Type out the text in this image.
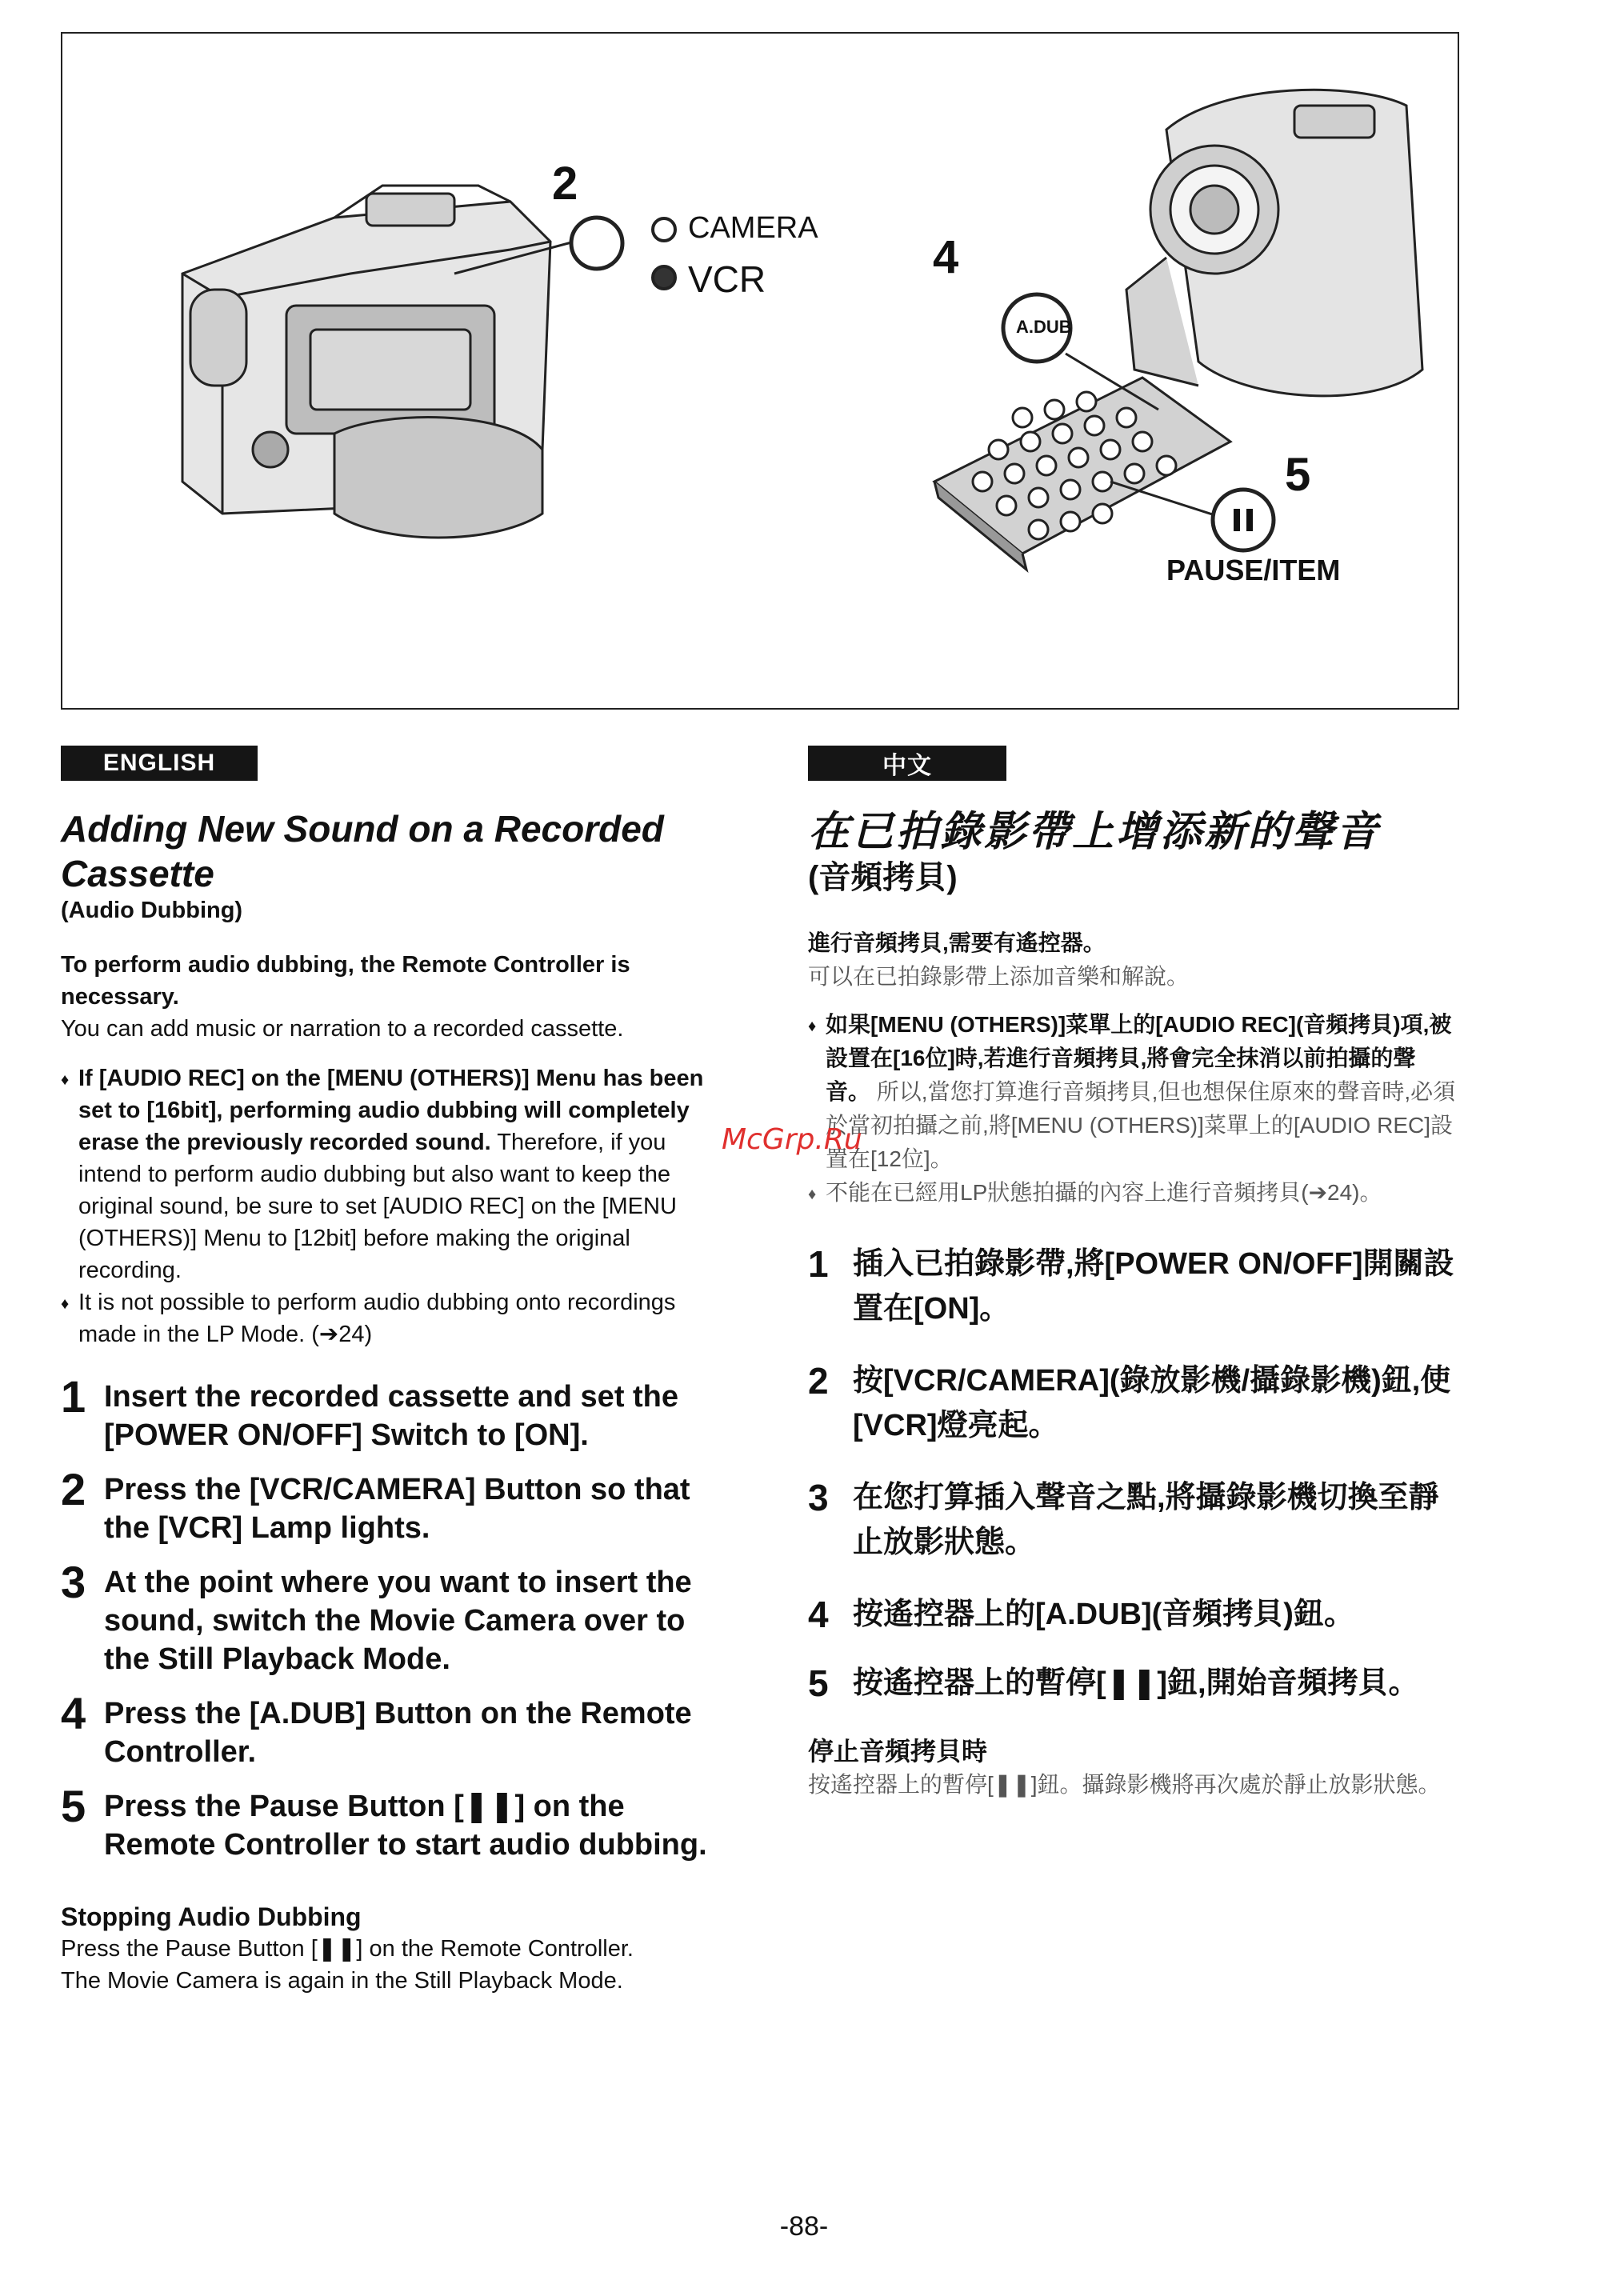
2
CAMERA
VCR	4
A.DUB
5
PAUSE/ITEM
ENGLISH	中文
Adding New Sound on a Recorded Cassette
(Audio Dubbing)
To perform audio dubbing, the Remote Controller is necessary.
You can add music or narration to a recorded cassette.
♦ If [AUDIO REC] on the [MENU (OTHERS)] Menu has been set to [16bit], performing audio dubbing will completely erase the previously recorded sound. Therefore, if you intend to perform audio dubbing but also want to keep the original sound, be sure to set [AUDIO REC] on the [MENU (OTHERS)] Menu to [12bit] before making the original recording.
♦ It is not possible to perform audio dubbing onto recordings made in the LP Mode. (➔24)
1 Insert the recorded cassette and set the [POWER ON/OFF] Switch to [ON].
2 Press the [VCR/CAMERA] Button so that the [VCR] Lamp lights.
3 At the point where you want to insert the sound, switch the Movie Camera over to the Still Playback Mode.
4 Press the [A.DUB] Button on the Remote Controller.
5 Press the Pause Button [❚❚] on the Remote Controller to start audio dubbing.
Stopping Audio Dubbing
Press the Pause Button [❚❚] on the Remote Controller.
The Movie Camera is again in the Still Playback Mode.
在已拍錄影帶上增添新的聲音
(音頻拷貝)
進行音頻拷貝,需要有遙控器。
可以在已拍錄影帶上添加音樂和解說。
♦ 如果[MENU (OTHERS)]菜單上的[AUDIO REC](音頻拷貝)項,被設置在[16位]時,若進行音頻拷貝,將會完全抹消以前拍攝的聲音。 所以,當您打算進行音頻拷貝,但也想保住原來的聲音時,必須於當初拍攝之前,將[MENU (OTHERS)]菜單上的[AUDIO REC]設置在[12位]。
♦ 不能在已經用LP狀態拍攝的內容上進行音頻拷貝(➔24)。
1 插入已拍錄影帶,將[POWER ON/OFF]開關設置在[ON]。
2 按[VCR/CAMERA](錄放影機/攝錄影機)鈕,使[VCR]燈亮起。
3 在您打算插入聲音之點,將攝錄影機切換至靜止放影狀態。
4 按遙控器上的[A.DUB](音頻拷貝)鈕。
5 按遙控器上的暫停[❚❚]鈕,開始音頻拷貝。
停止音頻拷貝時
按遙控器上的暫停[❚❚]鈕。攝錄影機將再次處於靜止放影狀態。
McGrp.Ru
-88-
